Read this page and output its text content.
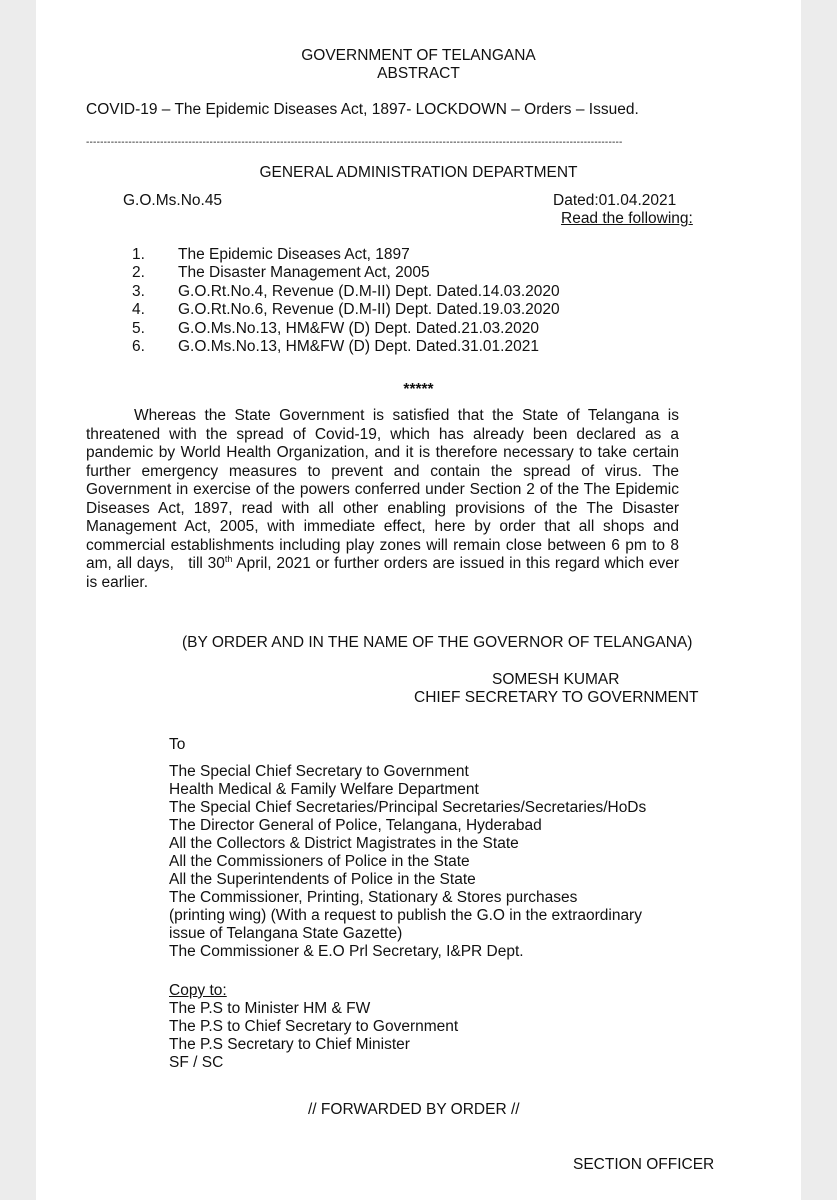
GOVERNMENT OF TELANGANA
ABSTRACT
COVID-19 – The Epidemic Diseases Act, 1897- LOCKDOWN – Orders – Issued.
--------------------------------------------------------------------------------------------------------------------------------------------------------
GENERAL ADMINISTRATION DEPARTMENT
G.O.Ms.No.45	Dated:01.04.2021
Read the following:
1.	The Epidemic Diseases Act, 1897
2.	The Disaster Management Act, 2005
3.	G.O.Rt.No.4, Revenue (D.M-II) Dept. Dated.14.03.2020
4.	G.O.Rt.No.6, Revenue (D.M-II) Dept. Dated.19.03.2020
5.	G.O.Ms.No.13, HM&FW (D) Dept. Dated.21.03.2020
6.	G.O.Ms.No.13, HM&FW (D) Dept. Dated.31.01.2021
*****
Whereas the State Government is satisfied that the State of Telangana is threatened with the spread of Covid-19, which has already been declared as a pandemic by World Health Organization, and it is therefore necessary to take certain further emergency measures to prevent and contain the spread of virus. The Government in exercise of the powers conferred under Section 2 of the The Epidemic Diseases Act, 1897, read with all other enabling provisions of the The Disaster Management Act, 2005, with immediate effect, here by order that all shops and commercial establishments including play zones will remain close between 6 pm to 8 am, all days,   till 30th April, 2021 or further orders are issued in this regard which ever is earlier.
(BY ORDER AND IN THE NAME OF THE GOVERNOR OF TELANGANA)
SOMESH KUMAR
CHIEF SECRETARY TO GOVERNMENT
To
The Special Chief Secretary to Government
Health Medical & Family Welfare Department
The Special Chief Secretaries/Principal Secretaries/Secretaries/HoDs
The Director General of Police, Telangana, Hyderabad
All the Collectors & District Magistrates in the State
All the Commissioners of Police in the State
All the Superintendents of Police in the State
The Commissioner, Printing, Stationary & Stores purchases
(printing wing) (With a request to publish the G.O in the extraordinary
issue of Telangana State Gazette)
The Commissioner & E.O Prl Secretary, I&PR Dept.
Copy to:
The P.S to Minister HM & FW
The P.S to Chief Secretary to Government
The P.S Secretary to Chief Minister
SF / SC
// FORWARDED BY ORDER //
SECTION OFFICER
